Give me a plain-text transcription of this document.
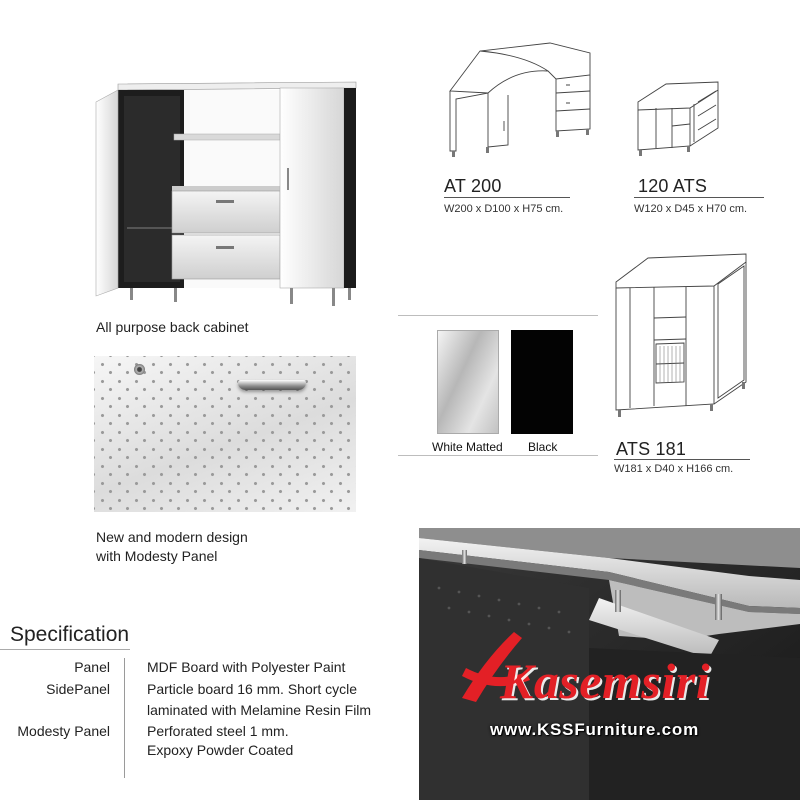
All purpose back cabinet
New and modern design
with Modesty Panel
AT 200
W200 x D100 x H75 cm.
120 ATS
W120 x D45 x H70 cm.
White Matted Black	ATS 181
W181 x D40 x H166 cm.
Specification
Panel	MDF Board with Polyester Paint
SidePanel	Particle board 16 mm. Short cycle
laminated with Melamine Resin Film
Modesty Panel	Perforated steel 1 mm.
Expoxy Powder Coated
Kasemsiri
www.KSSFurniture.com
